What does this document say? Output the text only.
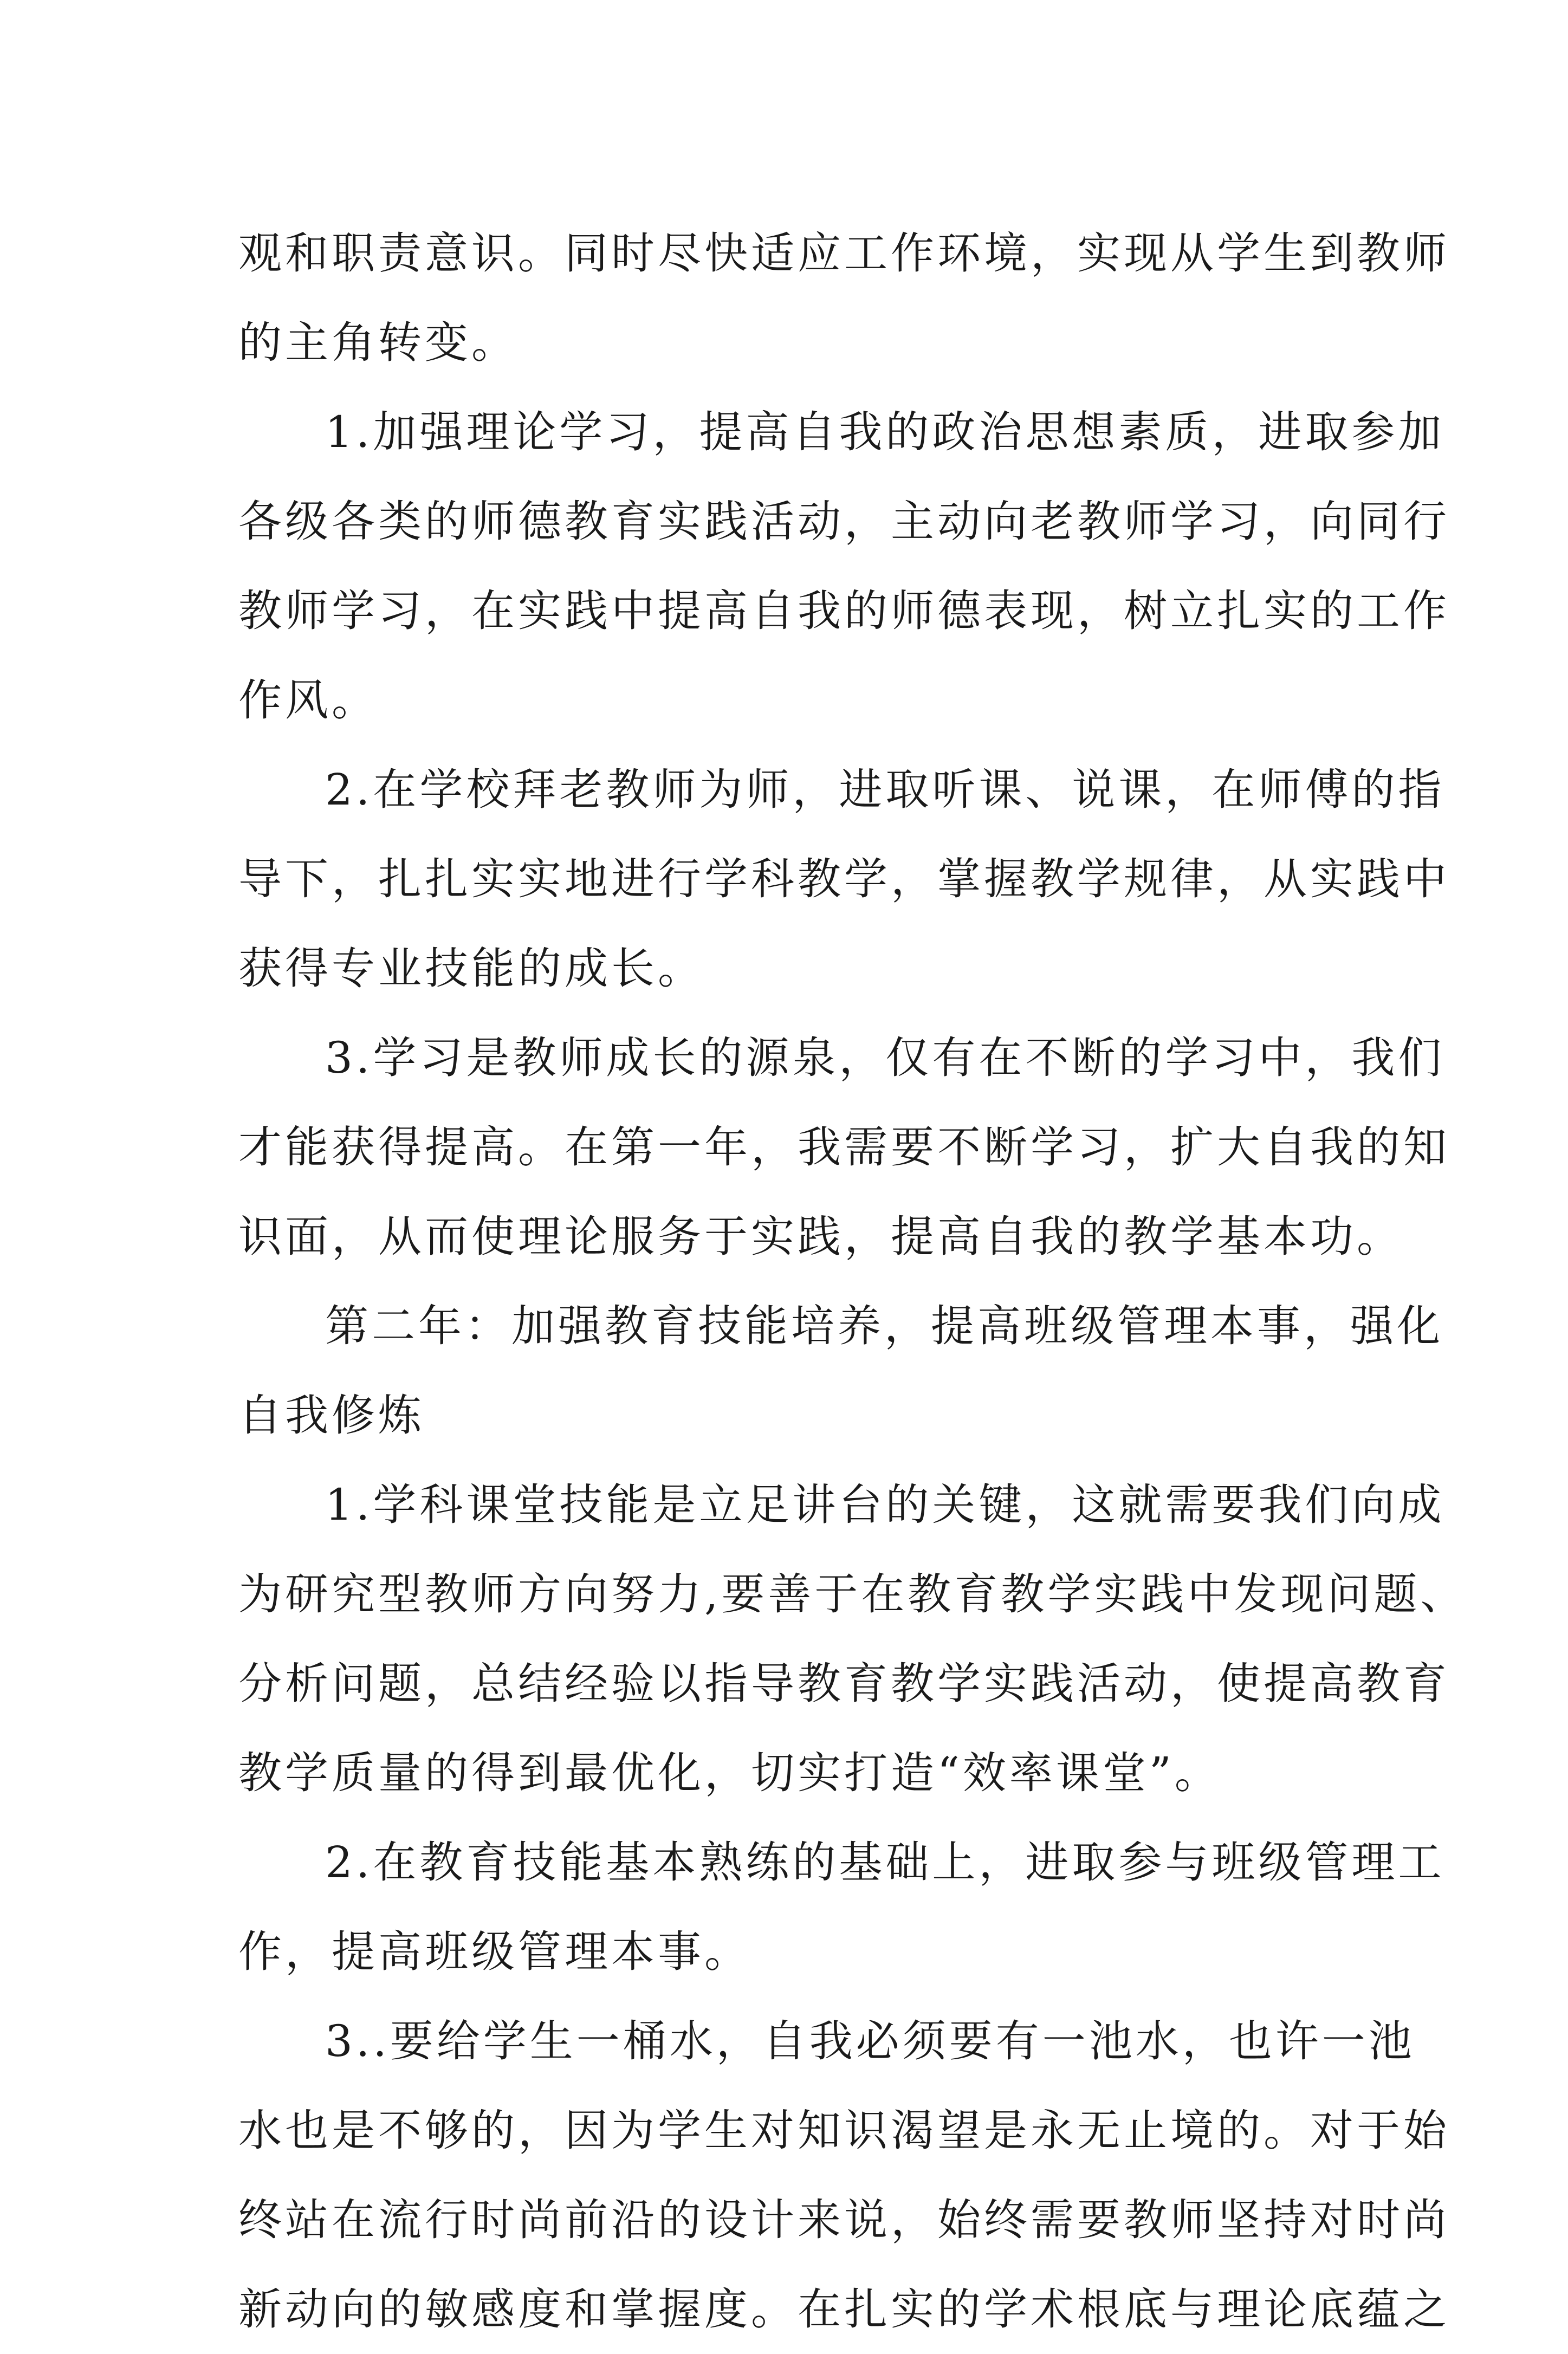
观和职责意识。同时尽快适应工作环境，实现从学生到教师
的主角转变。
1.加强理论学习，提高自我的政治思想素质，进取参加
各级各类的师德教育实践活动，主动向老教师学习，向同行
教师学习，在实践中提高自我的师德表现，树立扎实的工作
作风。
2.在学校拜老教师为师，进取听课、说课，在师傅的指
导下，扎扎实实地进行学科教学，掌握教学规律，从实践中
获得专业技能的成长。
3.学习是教师成长的源泉，仅有在不断的学习中，我们
才能获得提高。在第一年，我需要不断学习，扩大自我的知
识面，从而使理论服务于实践，提高自我的教学基本功。
第二年：加强教育技能培养，提高班级管理本事，强化
自我修炼
1.学科课堂技能是立足讲台的关键，这就需要我们向成
为研究型教师方向努力,要善于在教育教学实践中发现问题、
分析问题，总结经验以指导教育教学实践活动，使提高教育
教学质量的得到最优化，切实打造“效率课堂”。
2.在教育技能基本熟练的基础上，进取参与班级管理工
作，提高班级管理本事。
3..要给学生一桶水，自我必须要有一池水，也许一池
水也是不够的，因为学生对知识渴望是永无止境的。对于始
终站在流行时尚前沿的设计来说，始终需要教师坚持对时尚
新动向的敏感度和掌握度。在扎实的学术根底与理论底蕴之
